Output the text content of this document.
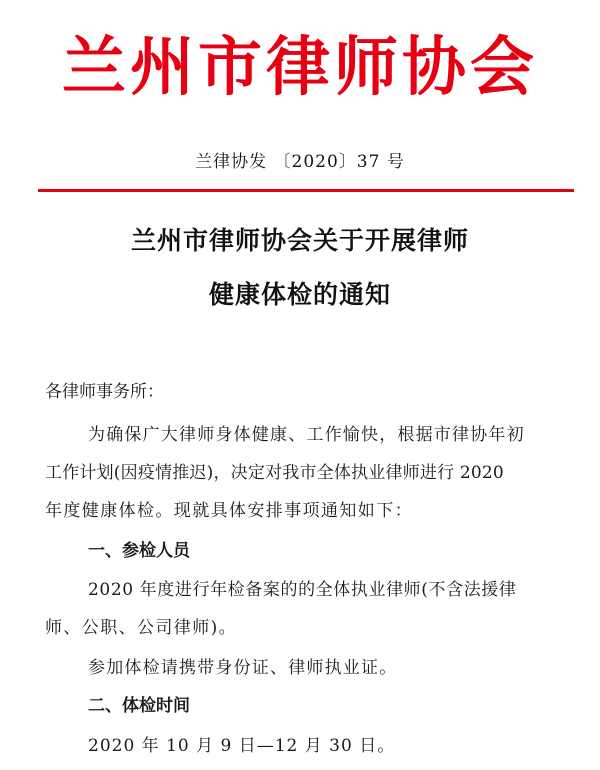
兰州市律师协会
兰律协发 〔2020〕37 号
兰州市律师协会关于开展律师
健康体检的通知
各律师事务所：
为确保广大律师身体健康、工作愉快，根据市律协年初
工作计划(因疫情推迟)，决定对我市全体执业律师进行 2020
年度健康体检。现就具体安排事项通知如下：
一、参检人员
2020 年度进行年检备案的的全体执业律师(不含法援律
师、公职、公司律师)。
参加体检请携带身份证、律师执业证。
二、体检时间
2020 年 10 月 9 日—12 月 30 日。
